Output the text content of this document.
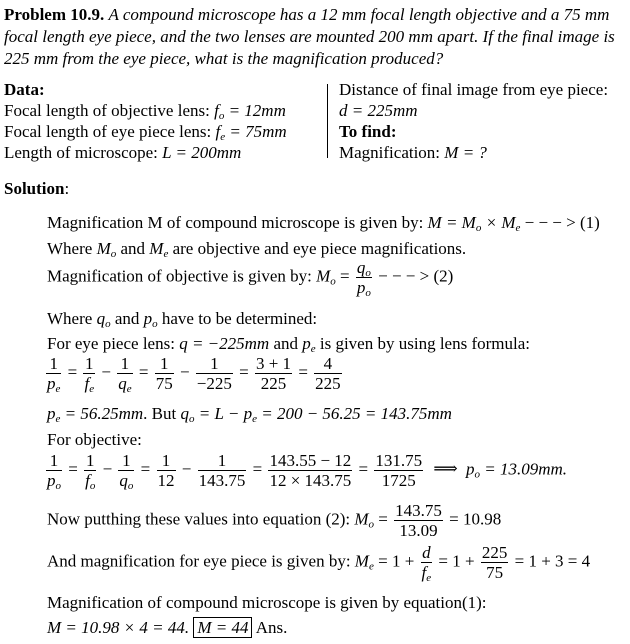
Problem 10.9. A compound microscope has a 12 mm focal length objective and a 75 mm
focal length eye piece, and the two lenses are mounted 200 mm apart. If the final image is
225 mm from the eye piece, what is the magnification produced?
Data:
Focal length of objective lens: $f_o = 12mm$
Focal length of eye piece lens: $f_e = 75mm$
Length of microscope: L = 200mm
Distance of final image from eye piece:
d = 225mm
To find:
Magnification: M = ?
Solution:
Magnification M of compound microscope is given by: $M = M_o \times M_e$ − − − > (1)
Where $M_o$ and $M_e$ are objective and eye piece magnifications.
Magnification of objective is given by: $M_o = \frac{q_o}{p_o}$ − − − > (2)
Where $q_o$ and $p_o$ have to be determined:
For eye piece lens: q = −225mm and $p_e$ is given by using lens formula:
$\frac{1}{p_e} = \frac{1}{f_e} - \frac{1}{q_e} = \frac{1}{75} - \frac{1}{-225} = \frac{3 + 1}{225} = \frac{4}{225}$
$p_e = 56.25mm$. But $q_o = L - p_e = 200 - 56.25 = 143.75mm$
For objective:
$\frac{1}{p_o} = \frac{1}{f_o} - \frac{1}{q_o} = \frac{1}{12} - \frac{1}{143.75} = \frac{143.55 - 12}{12 \times 143.75} = \frac{131.75}{1725}$ ⟹ $p_o = 13.09mm$.
Now putthing these values into equation (2): $M_o = \frac{143.75}{13.09} = 10.98$
And magnification for eye piece is given by: $M_e = 1 + \frac{d}{f_e} = 1 + \frac{225}{75} = 1 + 3 = 4$
Magnification of compound microscope is given by equation(1):
M = 10.98 × 4 = 44. M = 44 Ans.
